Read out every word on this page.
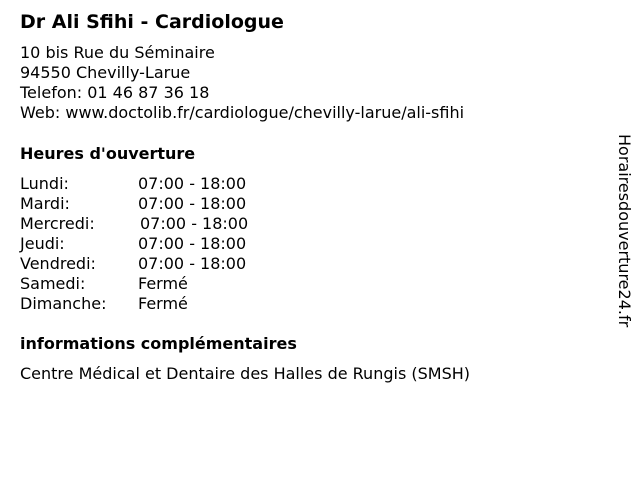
Dr Ali Sfihi - Cardiologue
10 bis Rue du Séminaire
94550 Chevilly-Larue
Telefon: 01 46 87 36 18
Web: www.doctolib.fr/cardiologue/chevilly-larue/ali-sfihi
Heures d'ouverture
Lundi:	07:00 - 18:00
Mardi:	07:00 - 18:00
Mercredi:	07:00 - 18:00
Jeudi:	07:00 - 18:00
Vendredi:	07:00 - 18:00
Samedi:	Fermé
Dimanche: Fermé
informations complémentaires
Centre Médical et Dentaire des Halles de Rungis (SMSH)
Horairesdouverture24.fr
